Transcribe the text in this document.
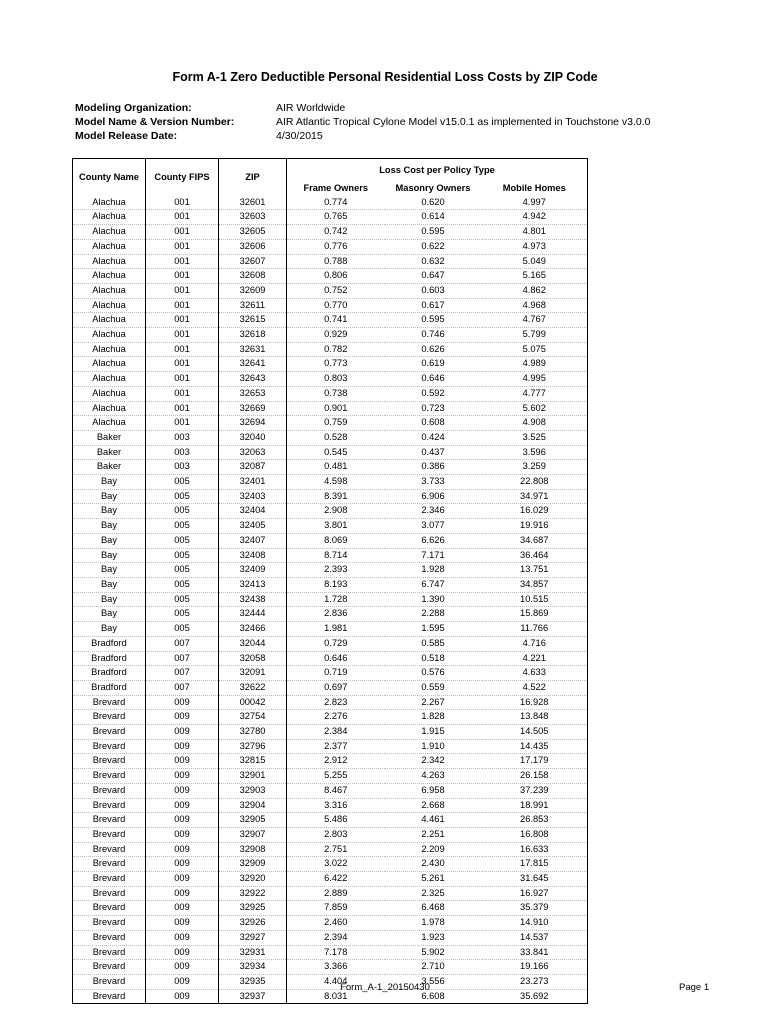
Form A-1 Zero Deductible Personal Residential Loss Costs by ZIP Code
Modeling Organization:	AIR Worldwide
Model Name & Version Number:	AIR Atlantic Tropical Cylone Model v15.0.1 as implemented in Touchstone v3.0.0
Model Release Date:	4/30/2015
County Name	County FIPS	ZIP	Loss Cost per Policy Type		
			Frame Owners	Masonry Owners	Mobile Homes
Alachua	001	32601	0.774	0.620	4.997
Alachua	001	32603	0.765	0.614	4.942
Alachua	001	32605	0.742	0.595	4.801
Alachua	001	32606	0.776	0.622	4.973
Alachua	001	32607	0.788	0.632	5.049
Alachua	001	32608	0.806	0.647	5.165
Alachua	001	32609	0.752	0.603	4.862
Alachua	001	32611	0.770	0.617	4.968
Alachua	001	32615	0.741	0.595	4.767
Alachua	001	32618	0.929	0.746	5.799
Alachua	001	32631	0.782	0.626	5.075
Alachua	001	32641	0.773	0.619	4.989
Alachua	001	32643	0.803	0.646	4.995
Alachua	001	32653	0.738	0.592	4.777
Alachua	001	32669	0.901	0.723	5.602
Alachua	001	32694	0.759	0.608	4.908
Baker	003	32040	0.528	0.424	3.525
Baker	003	32063	0.545	0.437	3.596
Baker	003	32087	0.481	0.386	3.259
Bay	005	32401	4.598	3.733	22.808
Bay	005	32403	8.391	6.906	34.971
Bay	005	32404	2.908	2.346	16.029
Bay	005	32405	3.801	3.077	19.916
Bay	005	32407	8.069	6.626	34.687
Bay	005	32408	8.714	7.171	36.464
Bay	005	32409	2.393	1.928	13.751
Bay	005	32413	8.193	6.747	34.857
Bay	005	32438	1.728	1.390	10.515
Bay	005	32444	2.836	2.288	15.869
Bay	005	32466	1.981	1.595	11.766
Bradford	007	32044	0.729	0.585	4.716
Bradford	007	32058	0.646	0.518	4.221
Bradford	007	32091	0.719	0.576	4.633
Bradford	007	32622	0.697	0.559	4.522
Brevard	009	00042	2.823	2.267	16.928
Brevard	009	32754	2.276	1.828	13.848
Brevard	009	32780	2.384	1.915	14.505
Brevard	009	32796	2.377	1.910	14.435
Brevard	009	32815	2.912	2.342	17.179
Brevard	009	32901	5.255	4.263	26.158
Brevard	009	32903	8.467	6.958	37.239
Brevard	009	32904	3.316	2.668	18.991
Brevard	009	32905	5.486	4.461	26.853
Brevard	009	32907	2.803	2.251	16.808
Brevard	009	32908	2.751	2.209	16.633
Brevard	009	32909	3.022	2.430	17.815
Brevard	009	32920	6.422	5.261	31.645
Brevard	009	32922	2.889	2.325	16.927
Brevard	009	32925	7.859	6.468	35.379
Brevard	009	32926	2.460	1.978	14.910
Brevard	009	32927	2.394	1.923	14.537
Brevard	009	32931	7.178	5.902	33.841
Brevard	009	32934	3.366	2.710	19.166
Brevard	009	32935	4.404	3.556	23.273
Brevard	009	32937	8.031	6.608	35.692
Form_A-1_20150430	Page 1
